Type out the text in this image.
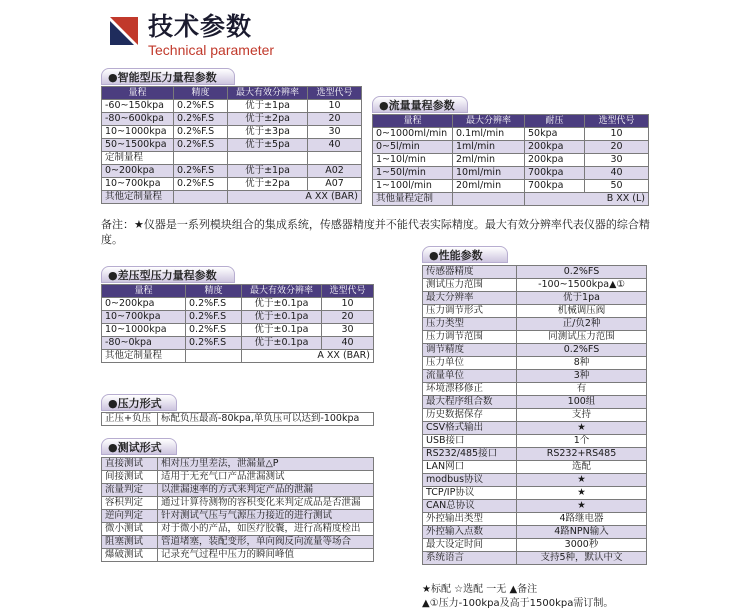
技术参数
Technical parameter
●智能型压力量程参数
量程	精度	最大有效分辨率	选型代号
-60~150kpa	0.2%F.S	优于±1pa	10
-80~600kpa	0.2%F.S	优于±2pa	20
10~1000kpa	0.2%F.S	优于±3pa	30
50~1500kpa	0.2%F.S	优于±5pa	40
定制量程			
0~200kpa	0.2%F.S	优于±1pa	A02
10~700kpa	0.2%F.S	优于±2pa	A07
其他定制量程		A XX (BAR)	
●流量量程参数
量程	最大分辨率	耐压	选型代号
0~1000ml/min	0.1ml/min	50kpa	10
0~5l/min	1ml/min	200kpa	20
1~10l/min	2ml/min	200kpa	30
1~50l/min	10ml/min	700kpa	40
1~100l/min	20ml/min	700kpa	50
其他量程定制		B XX (L)	
备注：★仪器是一系列模块组合的集成系统，传感器精度并不能代表实际精度。最大有效分辨率代表仪器的综合精度。
●差压型压力量程参数
量程	精度	最大有效分辨率	选型代号
0~200kpa	0.2%F.S	优于±0.1pa	10
10~700kpa	0.2%F.S	优于±0.1pa	20
10~1000kpa	0.2%F.S	优于±0.1pa	30
-80~0kpa	0.2%F.S	优于±0.1pa	40
其他定制量程		A XX (BAR)	
●压力形式
正压+负压	标配负压最高-80kpa,单负压可以达到-100kpa
●测试形式
直接测试	相对压力里差法，泄漏量△P
间接测试	适用于无充气口产品泄漏测试
流量判定	以泄漏速率的方式来判定产品的泄漏
容积判定	通过计算待测物的容积变化来判定成品是否泄漏
逆向判定	针对测试气压与气源压力接近的进行测试
微小测试	对于微小的产品，如医疗胶囊，进行高精度检出
阻塞测试	管道堵塞，装配变形，单向阀反向流量等场合
爆破测试	记录充气过程中压力的瞬间峰值
●性能参数
传感器精度	0.2%FS
测试压力范围	-100~1500kpa▲①
最大分辨率	优于1pa
压力调节形式	机械调压阀
压力类型	正/负2种
压力调节范围	同测试压力范围
调节精度	0.2%FS
压力单位	8种
流量单位	3种
环境漂移修正	有
最大程序组合数	100组
历史数据保存	支持
CSV格式输出	★
USB接口	1个
RS232/485接口	RS232+RS485
LAN网口	选配
modbus协议	★
TCP/IP协议	★
CAN总协议	★
外控输出类型	4路继电器
外控输入点数	4路NPN输入
最大设定时间	3000秒
系统语言	支持5种，默认中文
★标配 ☆选配 一无 ▲备注
▲①压力-100kpa及高于1500kpa需订制。
